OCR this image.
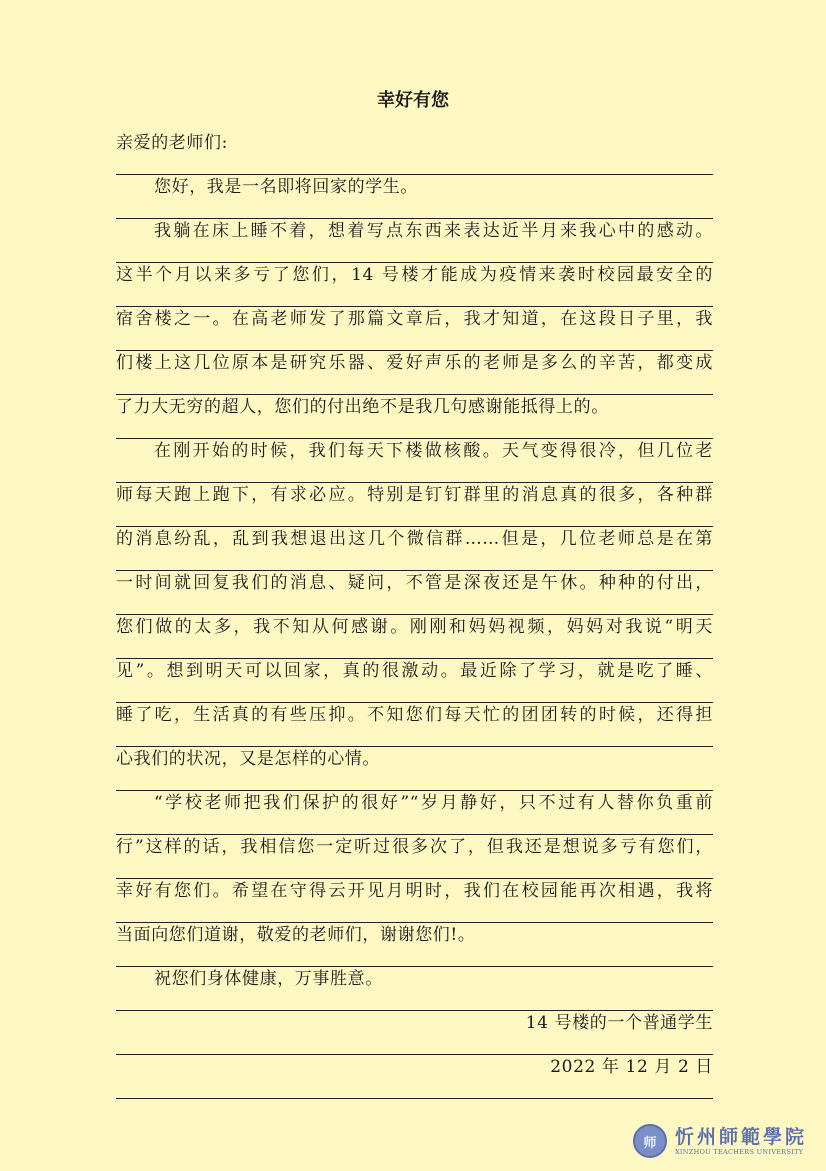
幸好有您
亲爱的老师们:
您好，我是一名即将回家的学生。
我躺在床上睡不着，想着写点东西来表达近半月来我心中的感动。
这半个月以来多亏了您们，14 号楼才能成为疫情来袭时校园最安全的
宿舍楼之一。在高老师发了那篇文章后，我才知道，在这段日子里，我
们楼上这几位原本是研究乐器、爱好声乐的老师是多么的辛苦，都变成
了力大无穷的超人，您们的付出绝不是我几句感谢能抵得上的。
在刚开始的时候，我们每天下楼做核酸。天气变得很冷，但几位老
师每天跑上跑下，有求必应。特别是钉钉群里的消息真的很多，各种群
的消息纷乱，乱到我想退出这几个微信群……但是，几位老师总是在第
一时间就回复我们的消息、疑问，不管是深夜还是午休。种种的付出，
您们做的太多，我不知从何感谢。刚刚和妈妈视频，妈妈对我说“明天
见”。想到明天可以回家，真的很激动。最近除了学习，就是吃了睡、
睡了吃，生活真的有些压抑。不知您们每天忙的团团转的时候，还得担
心我们的状况，又是怎样的心情。
“学校老师把我们保护的很好”“岁月静好，只不过有人替你负重前
行”这样的话，我相信您一定听过很多次了，但我还是想说多亏有您们，
幸好有您们。希望在守得云开见月明时，我们在校园能再次相遇，我将
当面向您们道谢，敬爱的老师们，谢谢您们!。
祝您们身体健康，万事胜意。
14 号楼的一个普通学生
2022 年 12 月 2 日
师 忻州師範學院
XINZHOU TEACHERS UNIVERSITY
